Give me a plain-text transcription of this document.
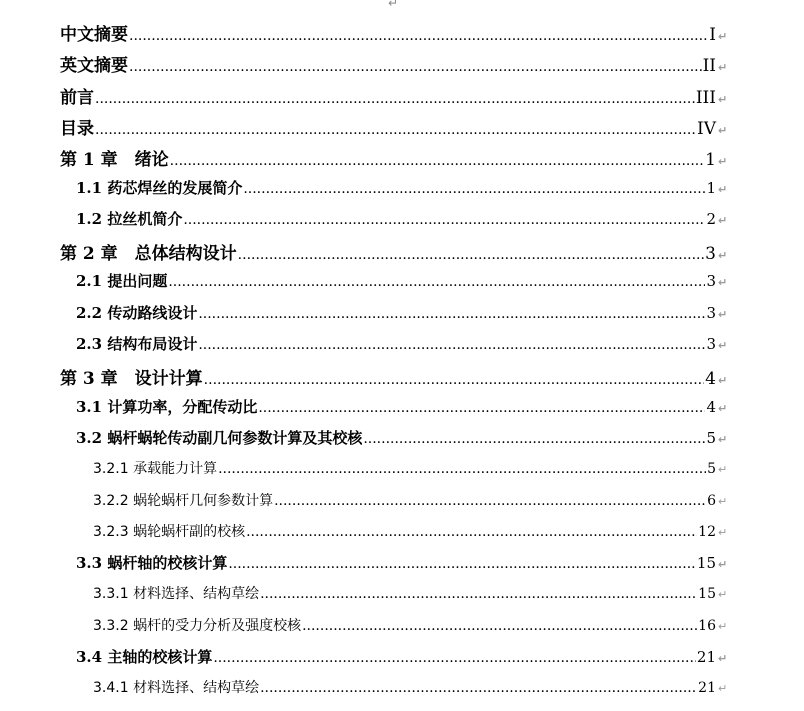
↵
中文摘要 .....	I ↵
英文摘要 .....	II ↵
前言 .....	III ↵
目录 .....	IV ↵
第 1 章　绪论 .....	1 ↵
1.1 药芯焊丝的发展简介 .....	1 ↵
1.2 拉丝机简介 .....	2 ↵
第 2 章　总体结构设计 .....	3 ↵
2.1 提出问题 .....	3 ↵
2.2 传动路线设计 .....	3 ↵
2.3 结构布局设计 .....	3 ↵
第 3 章　设计计算 .....	4 ↵
3.1 计算功率，分配传动比 .....	4 ↵
3.2 蜗杆蜗轮传动副几何参数计算及其校核 .....	5 ↵
3.2.1 承载能力计算 .....	5 ↵
3.2.2 蜗轮蜗杆几何参数计算 .....	6 ↵
3.2.3 蜗轮蜗杆副的校核 .....	12 ↵
3.3 蜗杆轴的校核计算 .....	15 ↵
3.3.1 材料选择、结构草绘 .....	15 ↵
3.3.2 蜗杆的受力分析及强度校核 .....	16 ↵
3.4 主轴的校核计算 .....	21 ↵
3.4.1 材料选择、结构草绘 .....	21 ↵
